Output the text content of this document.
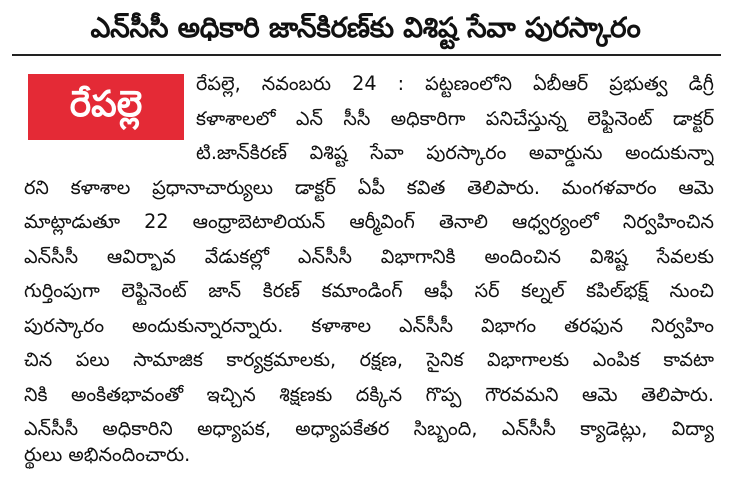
ఎన్‌సీసీ అధికారి జాన్‌కిరణ్‌కు విశిష్ట సేవా పురస్కారం
రేపల్లె
రేపల్లె, నవంబరు 24 : పట్టణంలోని ఏబీఆర్ ప్రభుత్వ డిగ్రీ
కళాశాలలో ఎన్ సీసీ అధికారిగా పనిచేస్తున్న లెఫ్టినెంట్ డాక్టర్
టి.జాన్‌కిరణ్ విశిష్ట సేవా పురస్కారం అవార్డును అందుకున్నా
రని కళాశాల ప్రధానాచార్యులు డాక్టర్ ఏపీ కవిత తెలిపారు. మంగళవారం ఆమె
మాట్లాడుతూ 22 ఆంధ్రాబెటాలియన్ ఆర్మీవింగ్ తెనాలి ఆధ్వర్యంలో నిర్వహించిన
ఎన్‌సీసీ ఆవిర్భావ వేడుకల్లో ఎన్‌సీసీ విభాగానికి అందించిన విశిష్ట సేవలకు
గుర్తింపుగా లెఫ్టినెంట్ జాన్ కిరణ్ కమాండింగ్ ఆఫీ సర్ కల్నల్ కపిల్‌భక్ష్ నుంచి
పురస్కారం అందుకున్నారన్నారు. కళాశాల ఎన్‌సీసీ విభాగం తరఫున నిర్వహిం
చిన పలు సామాజిక కార్యక్రమాలకు, రక్షణ, సైనిక విభాగాలకు ఎంపిక కావటా
నికి అంకితభావంతో ఇచ్చిన శిక్షణకు దక్కిన గొప్ప గౌరవమని ఆమె తెలిపారు.
ఎన్‌సీసీ అధికారిని అధ్యాపక, అధ్యాపకేతర సిబ్బంది, ఎన్‌సీసీ క్యాడెట్లు, విద్యా
ర్థులు అభినందించారు.
